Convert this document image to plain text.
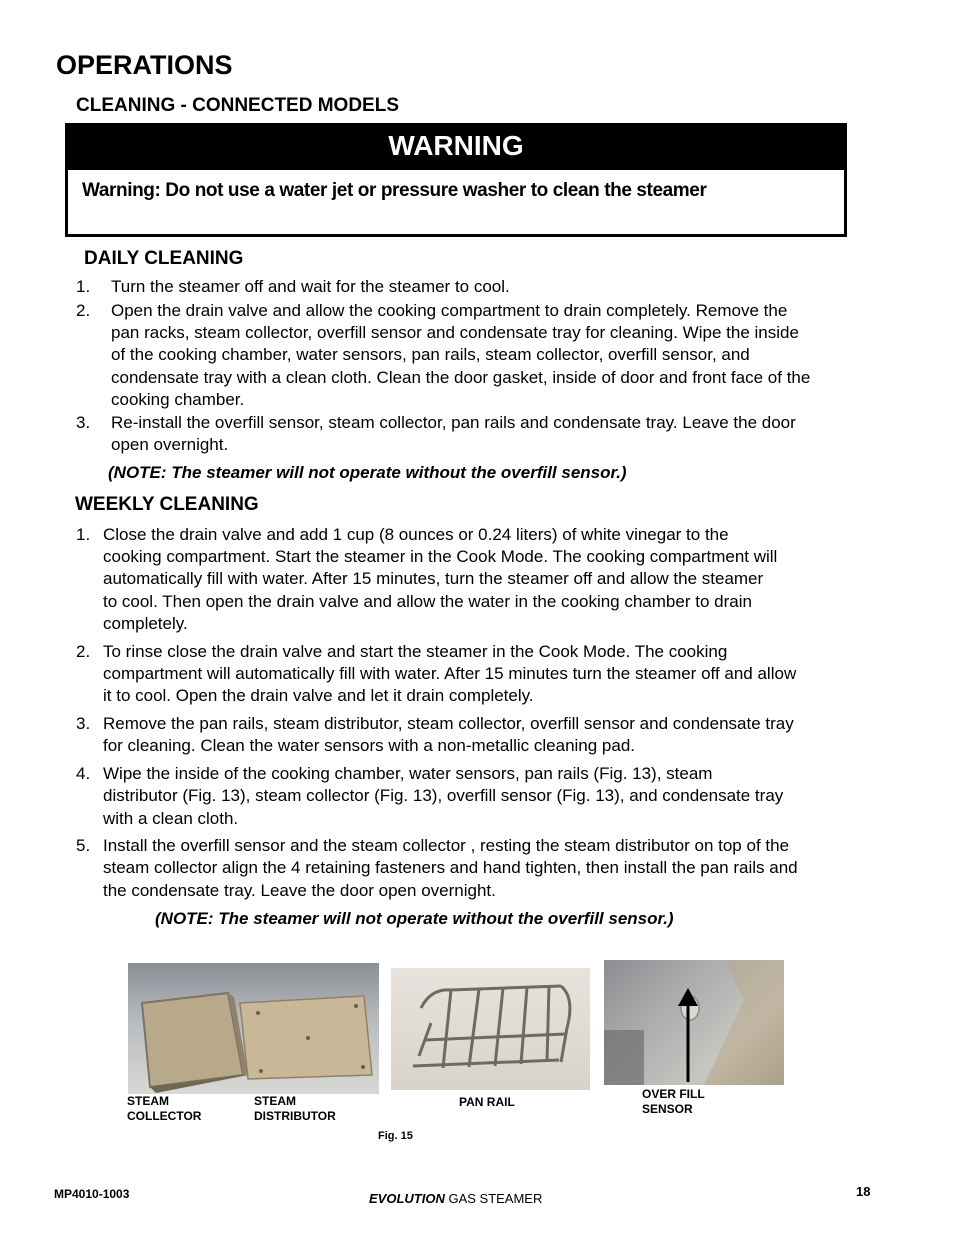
OPERATIONS
CLEANING - CONNECTED MODELS
WARNING
Warning: Do not use a water jet or pressure washer to clean the steamer
DAILY CLEANING
1. Turn the steamer off and wait for the steamer to cool.
2. Open the drain valve and allow the cooking compartment to drain completely. Remove the
pan racks, steam collector, overfill sensor and condensate tray for cleaning. Wipe the inside
of the cooking chamber, water sensors, pan rails, steam collector, overfill sensor, and
condensate tray with a clean cloth. Clean the door gasket, inside of door and front face of the
cooking chamber.
3. Re-install the overfill sensor, steam collector, pan rails and condensate tray. Leave the door
open overnight.
(NOTE: The steamer will not operate without the overfill sensor.)
WEEKLY CLEANING
1. Close the drain valve and add 1 cup (8 ounces or 0.24 liters) of white vinegar to the
cooking compartment. Start the steamer in the Cook Mode. The cooking compartment will
automatically fill with water. After 15 minutes, turn the steamer off and allow the steamer
to cool. Then open the drain valve and allow the water in the cooking chamber to drain
completely.
2. To rinse close the drain valve and start the steamer in the Cook Mode. The cooking
compartment will automatically fill with water. After 15 minutes turn the steamer off and allow
it to cool. Open the drain valve and let it drain completely.
3. Remove the pan rails, steam distributor, steam collector, overfill sensor and condensate tray
for cleaning. Clean the water sensors with a non-metallic cleaning pad.
4. Wipe the inside of the cooking chamber, water sensors, pan rails (Fig. 13), steam
distributor (Fig. 13), steam collector (Fig. 13), overfill sensor (Fig. 13), and condensate tray
with a clean cloth.
5. Install the overfill sensor and the steam collector , resting the steam distributor on top of the
steam collector align the 4 retaining fasteners and hand tighten, then install the pan rails and
the condensate tray. Leave the door open overnight.
(NOTE: The steamer will not operate without the overfill sensor.)
STEAM
COLLECTOR
STEAM
DISTRIBUTOR
PAN RAIL
OVER FILL
SENSOR
Fig. 15
MP4010-1003	EVOLUTION GAS STEAMER	18
